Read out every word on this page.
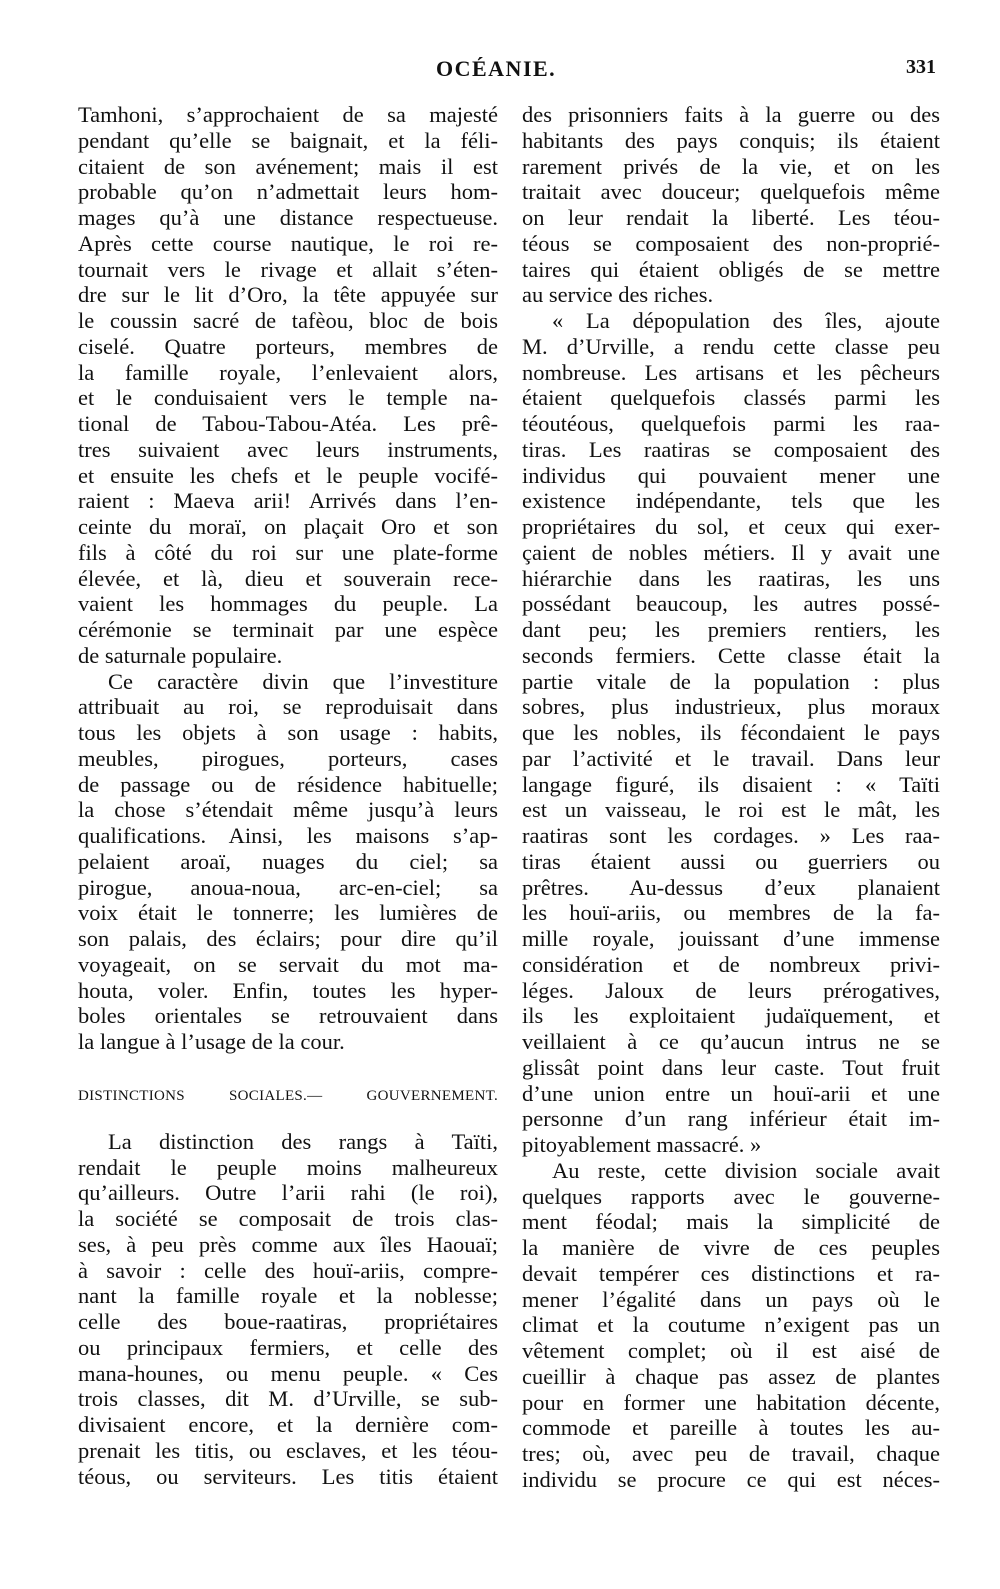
OCÉANIE.	331
Tamhoni, s’approchaient de sa majesté
pendant qu’elle se baignait, et la féli-
citaient de son avénement; mais il est
probable qu’on n’admettait leurs hom-
mages qu’à une distance respectueuse.
Après cette course nautique, le roi re-
tournait vers le rivage et allait s’éten-
dre sur le lit d’Oro, la tête appuyée sur
le coussin sacré de tafèou, bloc de bois
ciselé. Quatre porteurs, membres de
la famille royale, l’enlevaient alors,
et le conduisaient vers le temple na-
tional de Tabou-Tabou-Atéa. Les prê-
tres suivaient avec leurs instruments,
et ensuite les chefs et le peuple vocifé-
raient : Maeva arii! Arrivés dans l’en-
ceinte du moraï, on plaçait Oro et son
fils à côté du roi sur une plate-forme
élevée, et là, dieu et souverain rece-
vaient les hommages du peuple. La
cérémonie se terminait par une espèce
de saturnale populaire.
Ce caractère divin que l’investiture
attribuait au roi, se reproduisait dans
tous les objets à son usage : habits,
meubles, pirogues, porteurs, cases
de passage ou de résidence habituelle;
la chose s’étendait même jusqu’à leurs
qualifications. Ainsi, les maisons s’ap-
pelaient aroaï, nuages du ciel; sa
pirogue, anoua-noua, arc-en-ciel; sa
voix était le tonnerre; les lumières de
son palais, des éclairs; pour dire qu’il
voyageait, on se servait du mot ma-
houta, voler. Enfin, toutes les hyper-
boles orientales se retrouvaient dans
la langue à l’usage de la cour.
DISTINCTIONS SOCIALES.— GOUVERNEMENT.
La distinction des rangs à Taïti,
rendait le peuple moins malheureux
qu’ailleurs. Outre l’arii rahi (le roi),
la société se composait de trois clas-
ses, à peu près comme aux îles Haouaï;
à savoir : celle des houï-ariis, compre-
nant la famille royale et la noblesse;
celle des boue-raatiras, propriétaires
ou principaux fermiers, et celle des
mana-hounes, ou menu peuple. « Ces
trois classes, dit M. d’Urville, se sub-
divisaient encore, et la dernière com-
prenait les titis, ou esclaves, et les téou-
téous, ou serviteurs. Les titis étaient
des prisonniers faits à la guerre ou des
habitants des pays conquis; ils étaient
rarement privés de la vie, et on les
traitait avec douceur; quelquefois même
on leur rendait la liberté. Les téou-
téous se composaient des non-proprié-
taires qui étaient obligés de se mettre
au service des riches.
« La dépopulation des îles, ajoute
M. d’Urville, a rendu cette classe peu
nombreuse. Les artisans et les pêcheurs
étaient quelquefois classés parmi les
téoutéous, quelquefois parmi les raa-
tiras. Les raatiras se composaient des
individus qui pouvaient mener une
existence indépendante, tels que les
propriétaires du sol, et ceux qui exer-
çaient de nobles métiers. Il y avait une
hiérarchie dans les raatiras, les uns
possédant beaucoup, les autres possé-
dant peu; les premiers rentiers, les
seconds fermiers. Cette classe était la
partie vitale de la population : plus
sobres, plus industrieux, plus moraux
que les nobles, ils fécondaient le pays
par l’activité et le travail. Dans leur
langage figuré, ils disaient : « Taïti
est un vaisseau, le roi est le mât, les
raatiras sont les cordages. » Les raa-
tiras étaient aussi ou guerriers ou
prêtres. Au-dessus d’eux planaient
les houï-ariis, ou membres de la fa-
mille royale, jouissant d’une immense
considération et de nombreux privi-
léges. Jaloux de leurs prérogatives,
ils les exploitaient judaïquement, et
veillaient à ce qu’aucun intrus ne se
glissât point dans leur caste. Tout fruit
d’une union entre un houï-arii et une
personne d’un rang inférieur était im-
pitoyablement massacré. »
Au reste, cette division sociale avait
quelques rapports avec le gouverne-
ment féodal; mais la simplicité de
la manière de vivre de ces peuples
devait tempérer ces distinctions et ra-
mener l’égalité dans un pays où le
climat et la coutume n’exigent pas un
vêtement complet; où il est aisé de
cueillir à chaque pas assez de plantes
pour en former une habitation décente,
commode et pareille à toutes les au-
tres; où, avec peu de travail, chaque
individu se procure ce qui est néces-
